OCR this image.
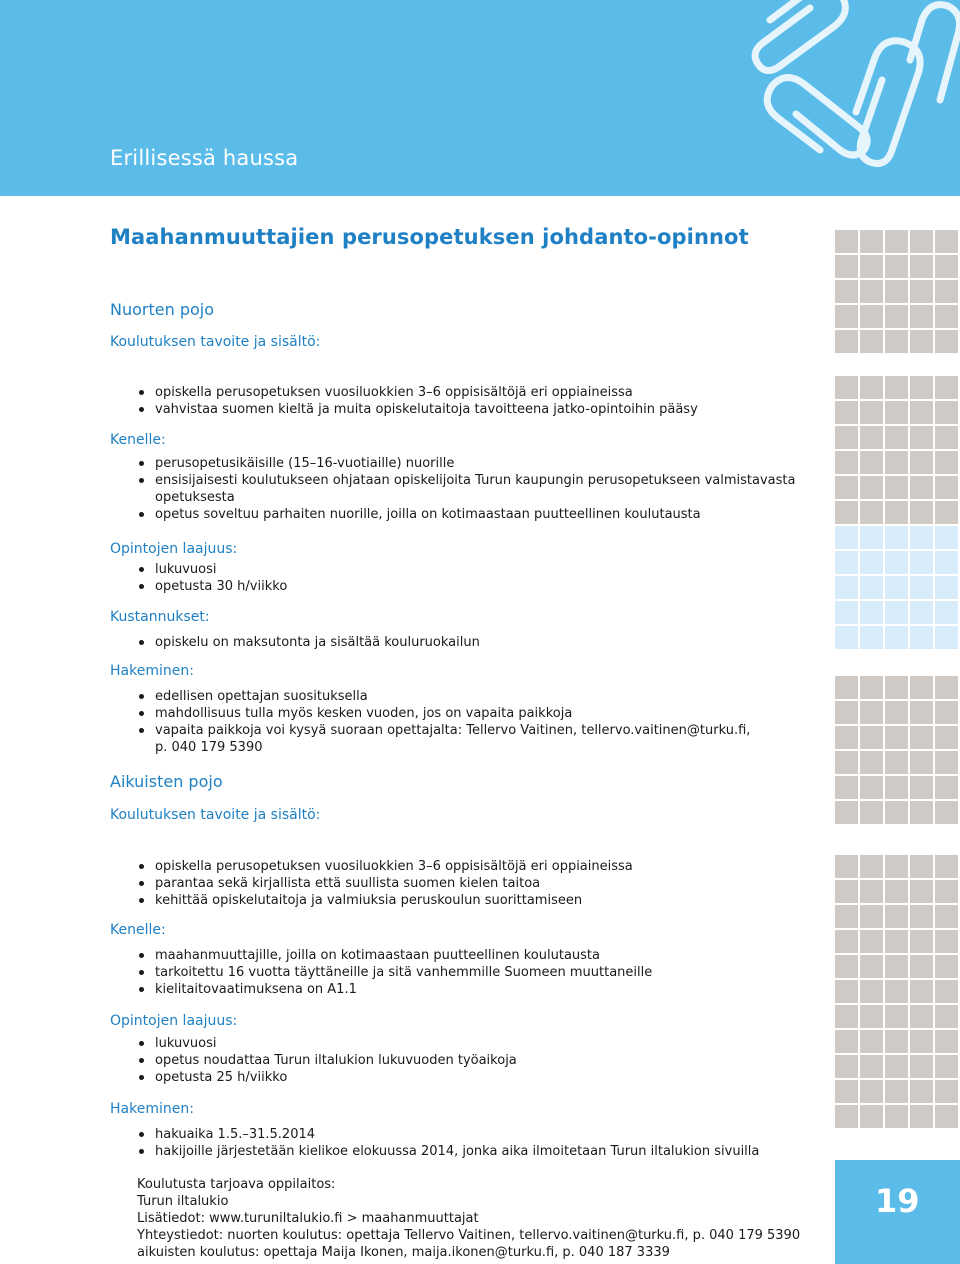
Erillisessä haussa
19
Maahanmuuttajien perusopetuksen johdanto-opinnot
Nuorten pojo
Koulutuksen tavoite ja sisältö:
opiskella perusopetuksen vuosiluokkien 3–6 oppisisältöjä eri oppiaineissa
vahvistaa suomen kieltä ja muita opiskelutaitoja tavoitteena jatko-opintoihin pääsy
Kenelle:
perusopetusikäisille (15–16-vuotiaille) nuorille
ensisijaisesti koulutukseen ohjataan opiskelijoita Turun kaupungin perusopetukseen valmistavasta opetuksesta
opetus soveltuu parhaiten nuorille, joilla on kotimaastaan puutteellinen koulutausta
Opintojen laajuus:
lukuvuosi
opetusta 30 h/viikko
Kustannukset:
opiskelu on maksutonta ja sisältää kouluruokailun
Hakeminen:
edellisen opettajan suosituksella
mahdollisuus tulla myös kesken vuoden, jos on vapaita paikkoja
vapaita paikkoja voi kysyä suoraan opettajalta: Tellervo Vaitinen, tellervo.vaitinen@turku.fi, p. 040 179 5390
Aikuisten pojo
Koulutuksen tavoite ja sisältö:
opiskella perusopetuksen vuosiluokkien 3–6 oppisisältöjä eri oppiaineissa
parantaa sekä kirjallista että suullista suomen kielen taitoa
kehittää opiskelutaitoja ja valmiuksia peruskoulun suorittamiseen
Kenelle:
maahanmuuttajille, joilla on kotimaastaan puutteellinen koulutausta
tarkoitettu 16 vuotta täyttäneille ja sitä vanhemmille Suomeen muuttaneille
kielitaitovaatimuksena on A1.1
Opintojen laajuus:
lukuvuosi
opetus noudattaa Turun iltalukion lukuvuoden työaikoja
opetusta 25 h/viikko
Hakeminen:
hakuaika 1.5.–31.5.2014
hakijoille järjestetään kielikoe elokuussa 2014, jonka aika ilmoitetaan Turun iltalukion sivuilla
Koulutusta tarjoava oppilaitos:
Turun iltalukio
Lisätiedot: www.turuniltalukio.fi > maahanmuuttajat
Yhteystiedot: nuorten koulutus: opettaja Tellervo Vaitinen, tellervo.vaitinen@turku.fi, p. 040 179 5390
aikuisten koulutus: opettaja Maija Ikonen, maija.ikonen@turku.fi, p. 040 187 3339
